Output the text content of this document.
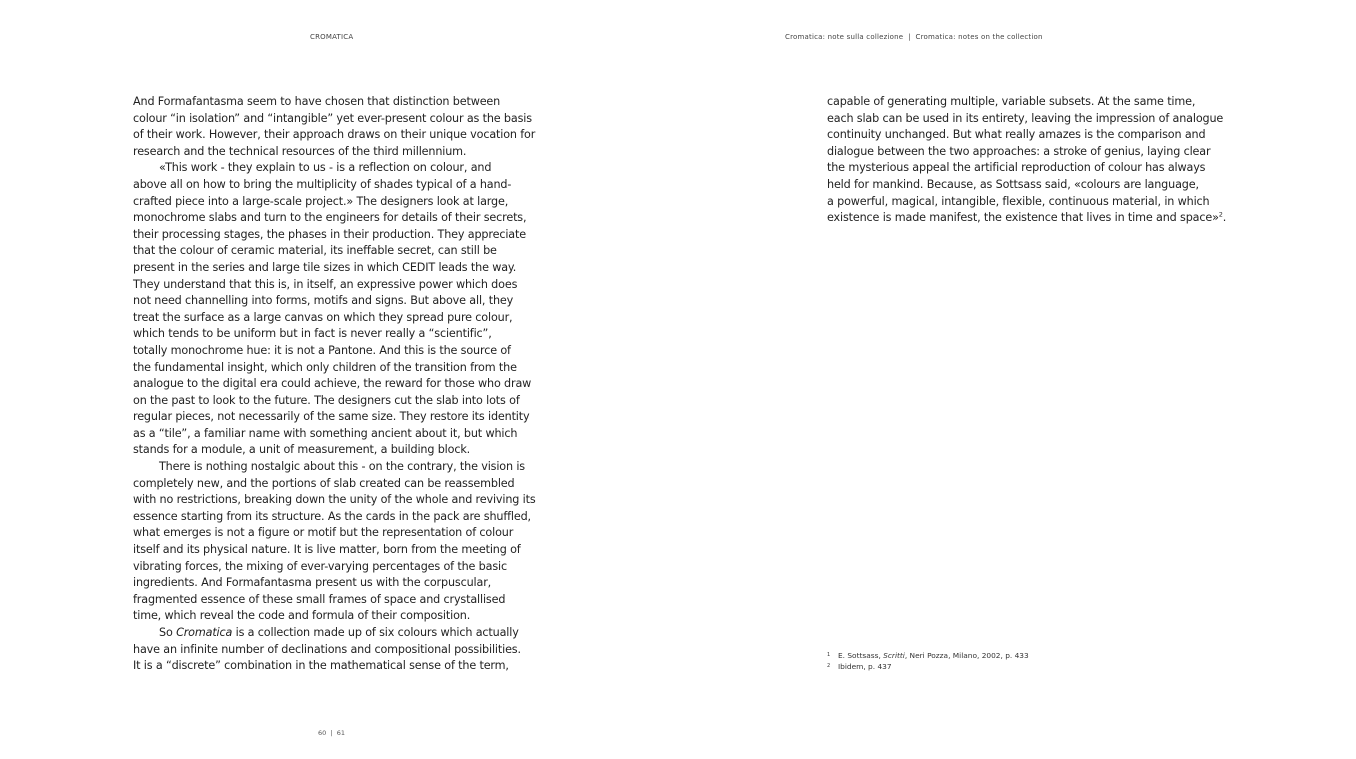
CROMATICA	Cromatica: note sulla collezione  |  Cromatica: notes on the collection
And Formafantasma seem to have chosen that distinction between
colour “in isolation” and “intangible” yet ever-present colour as the basis
of their work. However, their approach draws on their unique vocation for
research and the technical resources of the third millennium.
«This work - they explain to us - is a reflection on colour, and
above all on how to bring the multiplicity of shades typical of a hand-
crafted piece into a large-scale project.» The designers look at large,
monochrome slabs and turn to the engineers for details of their secrets,
their processing stages, the phases in their production. They appreciate
that the colour of ceramic material, its ineffable secret, can still be
present in the series and large tile sizes in which CEDIT leads the way.
They understand that this is, in itself, an expressive power which does
not need channelling into forms, motifs and signs. But above all, they
treat the surface as a large canvas on which they spread pure colour,
which tends to be uniform but in fact is never really a “scientific”,
totally monochrome hue: it is not a Pantone. And this is the source of
the fundamental insight, which only children of the transition from the
analogue to the digital era could achieve, the reward for those who draw
on the past to look to the future. The designers cut the slab into lots of
regular pieces, not necessarily of the same size. They restore its identity
as a “tile”, a familiar name with something ancient about it, but which
stands for a module, a unit of measurement, a building block.
There is nothing nostalgic about this - on the contrary, the vision is
completely new, and the portions of slab created can be reassembled
with no restrictions, breaking down the unity of the whole and reviving its
essence starting from its structure. As the cards in the pack are shuffled,
what emerges is not a figure or motif but the representation of colour
itself and its physical nature. It is live matter, born from the meeting of
vibrating forces, the mixing of ever-varying percentages of the basic
ingredients. And Formafantasma present us with the corpuscular,
fragmented essence of these small frames of space and crystallised
time, which reveal the code and formula of their composition.
So Cromatica is a collection made up of six colours which actually
have an infinite number of declinations and compositional possibilities.
It is a “discrete” combination in the mathematical sense of the term,
capable of generating multiple, variable subsets. At the same time,
each slab can be used in its entirety, leaving the impression of analogue
continuity unchanged. But what really amazes is the comparison and
dialogue between the two approaches: a stroke of genius, laying clear
the mysterious appeal the artificial reproduction of colour has always
held for mankind. Because, as Sottsass said, «colours are language,
a powerful, magical, intangible, flexible, continuous material, in which
existence is made manifest, the existence that lives in time and space»$^2$.
1 E. Sottsass, Scritti, Neri Pozza, Milano, 2002, p. 433
2 Ibidem, p. 437
60  |  61
